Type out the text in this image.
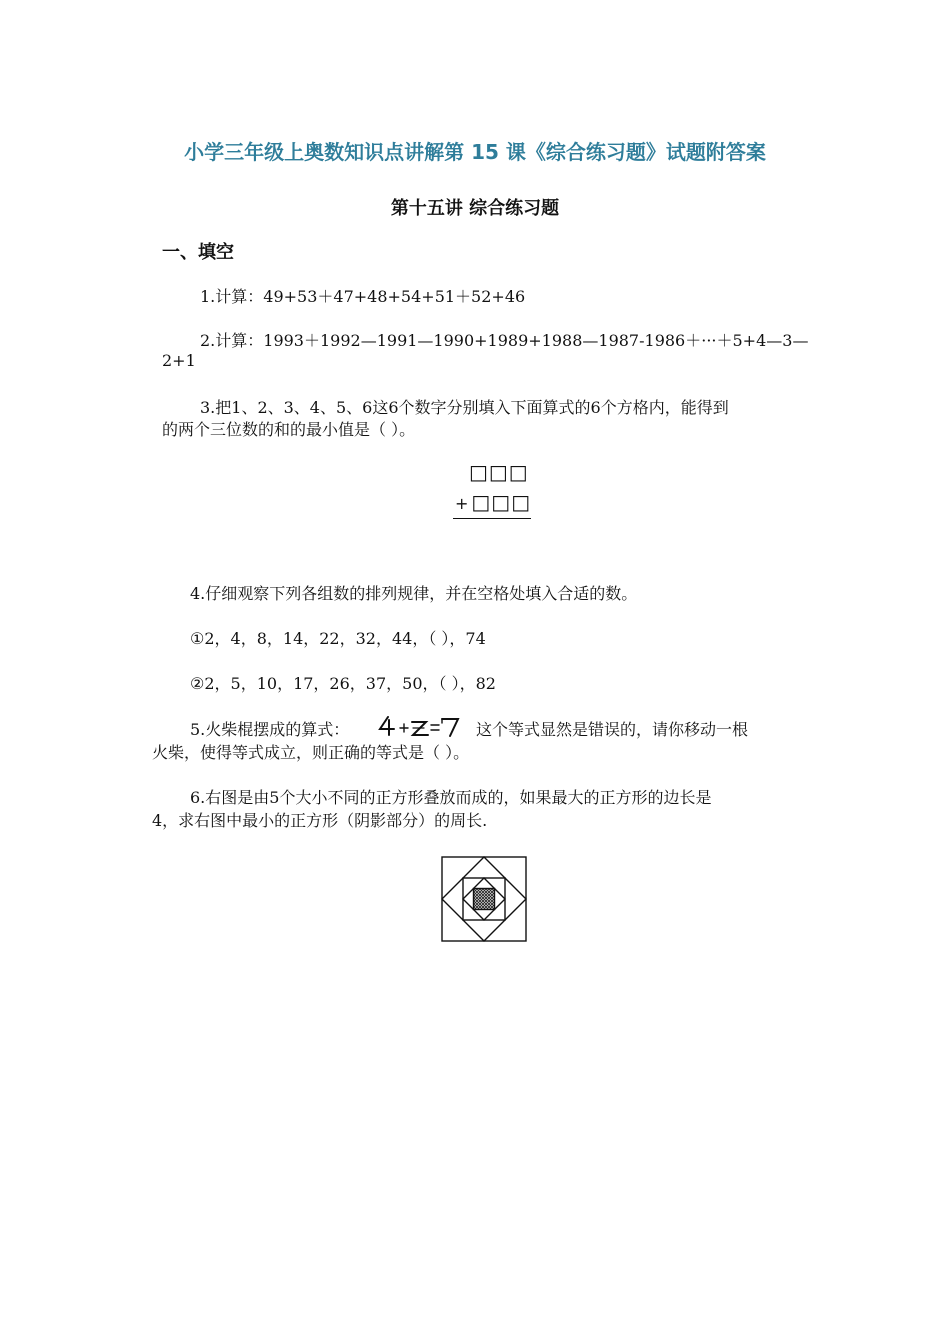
小学三年级上奥数知识点讲解第 15 课《综合练习题》试题附答案
第十五讲 综合练习题
一、填空
1.计算：49+53＋47+48+54+51＋52+46
2.计算：1993＋1992—1991—1990+1989+1988—1987-1986＋···＋5+4—3—
2+1
3.把1、2、3、4、5、6这6个数字分别填入下面算式的6个方格内，能得到
的两个三位数的和的最小值是（ ）。
□□□
+ □□□
4.仔细观察下列各组数的排列规律，并在空格处填入合适的数。
①2，4，8，14，22，32，44，（ ），74
②2，5，10，17，26，37，50，（ ），82
5.火柴棍摆成的算式：	这个等式显然是错误的，请你移动一根
火柴，使得等式成立，则正确的等式是（ ）。
6.右图是由5个大小不同的正方形叠放而成的，如果最大的正方形的边长是
4，求右图中最小的正方形（阴影部分）的周长.
